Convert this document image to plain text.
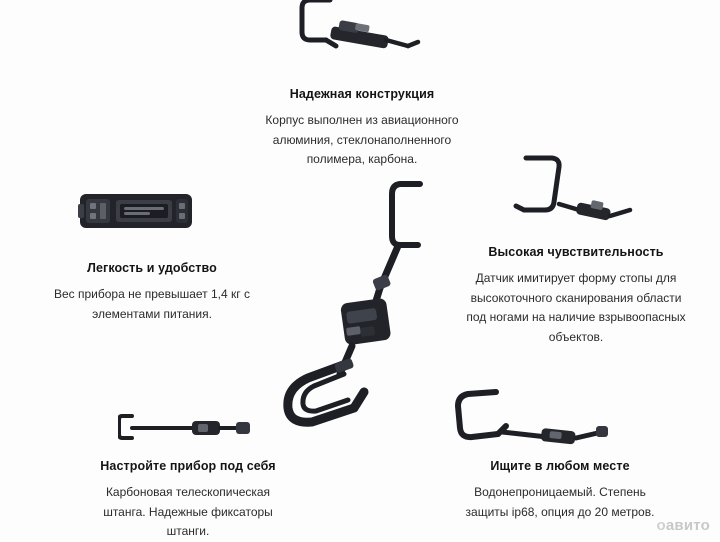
Надежная конструкция

Корпус выполнен из авиационного алюминия, стеклонаполненного полимера, карбона.

Легкость и удобство

Вес прибора не превышает 1,4 кг с элементами питания.

Высокая чувствительность

Датчик имитирует форму стопы для высокоточного сканирования области под ногами на наличие взрывоопасных объектов.

Настройте прибор под себя

Карбоновая телескопическая штанга. Надежные фиксаторы штанги.

Ищите в любом месте

Водонепроницаемый. Степень защиты ip68, опция до 20 метров.

оавито
